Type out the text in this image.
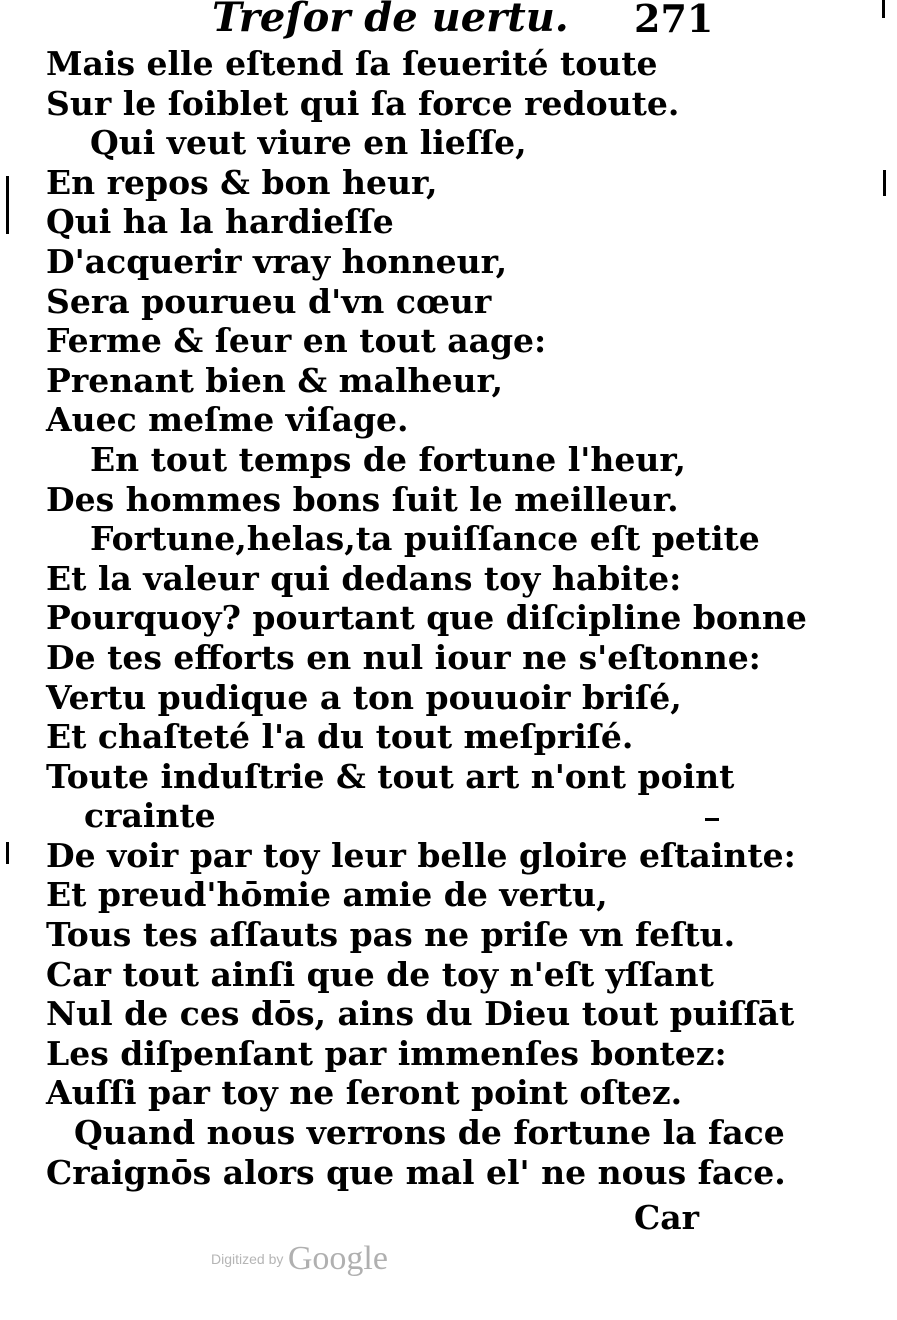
Treſor de uertu. 271
Mais elle eſtend ſa ſeuerité toute
Sur le ſoiblet qui ſa force redoute.
Qui veut viure en lieſſe,
En repos & bon heur,
Qui ha la hardieſſe
D'acquerir vray honneur,
Sera pourueu d'vn cœur
Ferme & ſeur en tout aage:
Prenant bien & malheur,
Auec meſme viſage.
En tout temps de fortune l'heur,
Des hommes bons ſuit le meilleur.
Fortune,helas,ta puiſſance eſt petite
Et la valeur qui dedans toy habite:
Pourquoy? pourtant que diſcipline bonne
De tes efforts en nul iour ne s'eſtonne:
Vertu pudique a ton pouuoir briſé,
Et chaſteté l'a du tout meſpriſé.
Toute induſtrie & tout art n'ont point
crainte
De voir par toy leur belle gloire eſtainte:
Et preud'hōmie amie de vertu,
Tous tes aſſauts pas ne priſe vn feſtu.
Car tout ainſi que de toy n'eſt yſſant
Nul de ces dōs, ains du Dieu tout puiſſāt
Les diſpenſant par immenſes bontez:
Auſſi par toy ne ſeront point oſtez.
Quand nous verrons de fortune la face
Craignōs alors que mal el' ne nous face.
Car
Digitized by Google
